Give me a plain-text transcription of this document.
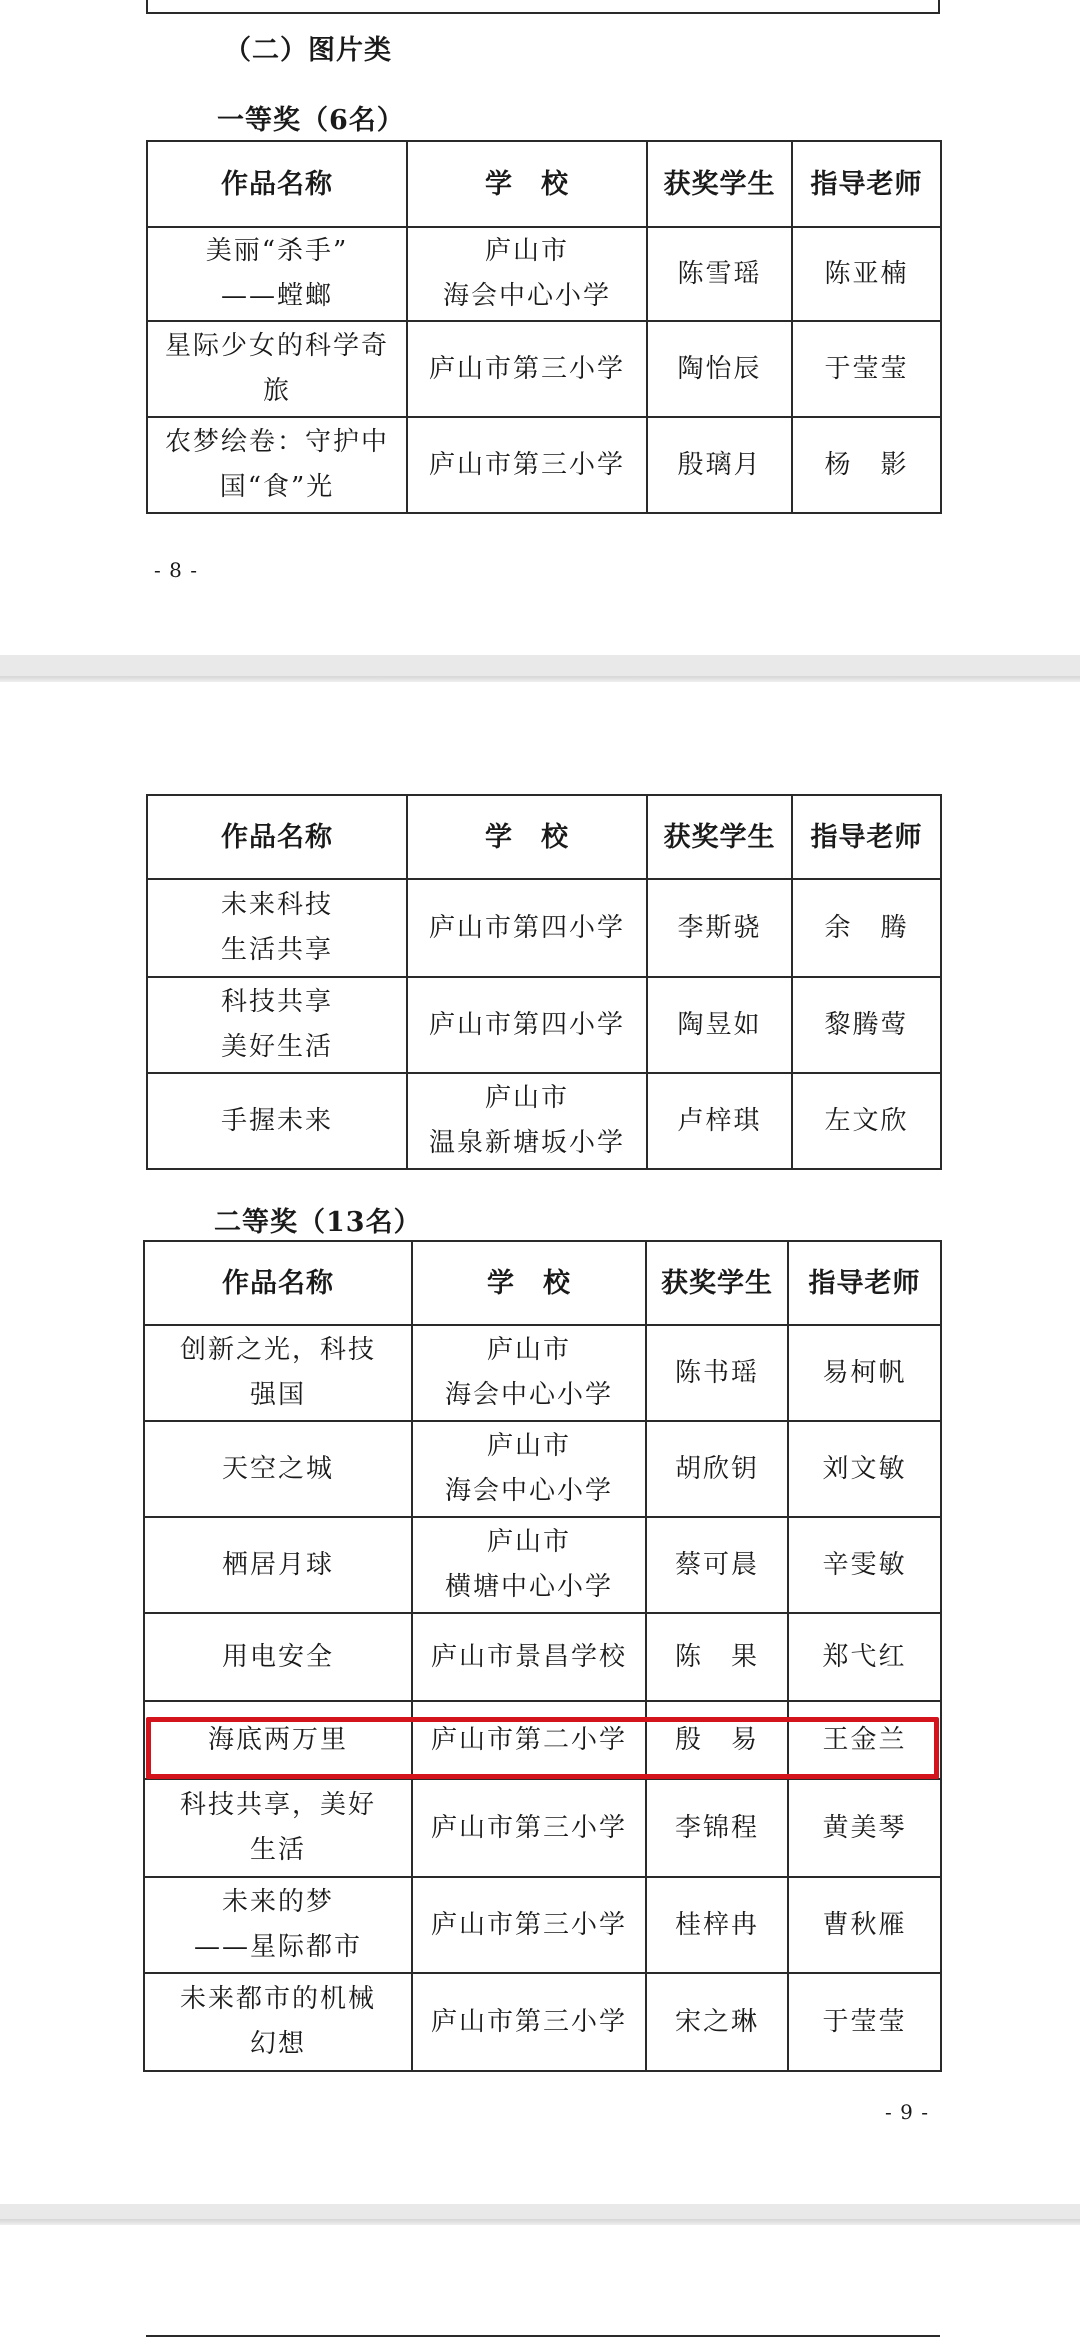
（二）图片类
一等奖（6名）
作品名称	学　校	获奖学生	指导老师

美丽“杀手”
——螳螂	庐山市
海会中心小学	陈雪瑶	陈亚楠

星际少女的科学奇
旅	庐山市第三小学	陶怡辰	于莹莹

农梦绘卷：守护中
国“食”光	庐山市第三小学	殷璃月	杨　影
- 8 -
作品名称	学　校	获奖学生	指导老师

未来科技
生活共享	庐山市第四小学	李斯骁	余　腾

科技共享
美好生活	庐山市第四小学	陶昱如	黎腾莺

手握未来	庐山市
温泉新塘坂小学	卢梓琪	左文欣
二等奖（13名）
作品名称	学　校	获奖学生	指导老师

创新之光，科技
强国	庐山市
海会中心小学	陈书瑶	易柯帆

天空之城	庐山市
海会中心小学	胡欣钥	刘文敏

栖居月球	庐山市
横塘中心小学	蔡可晨	辛雯敏

用电安全	庐山市景昌学校	陈　果	郑弋红

海底两万里	庐山市第二小学	殷　易	王金兰

科技共享，美好
生活	庐山市第三小学	李锦程	黄美琴

未来的梦
——星际都市	庐山市第三小学	桂梓冉	曹秋雁

未来都市的机械
幻想	庐山市第三小学	宋之琳	于莹莹
- 9 -
